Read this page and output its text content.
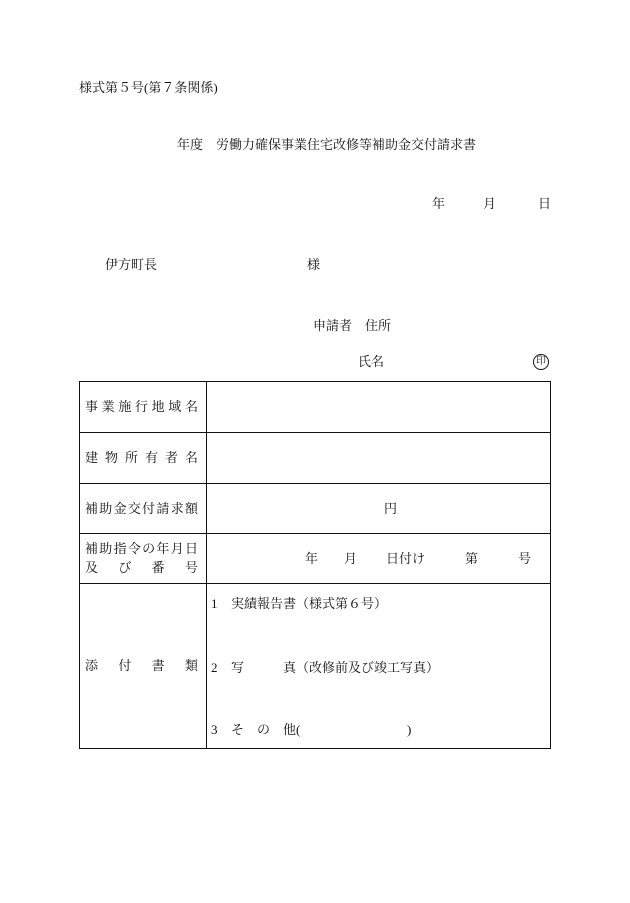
様式第５号(第７条関係)
年度　労働力確保事業住宅改修等補助金交付請求書
年	月	日
伊方町長	様
申請者　住所
氏名	印
事 業 施 行 地 域 名
建 物 所 有 者 名
補 助 金 交 付 請 求 額	円
補 助 指 令 の 年 月 日
及 び 番 号
年 月 日付け	第	号
添 付 書 類
1 実績報告書（様式第６号）
2 写　　　真（改修前及び竣工写真）
3 そ　の　他(	)
